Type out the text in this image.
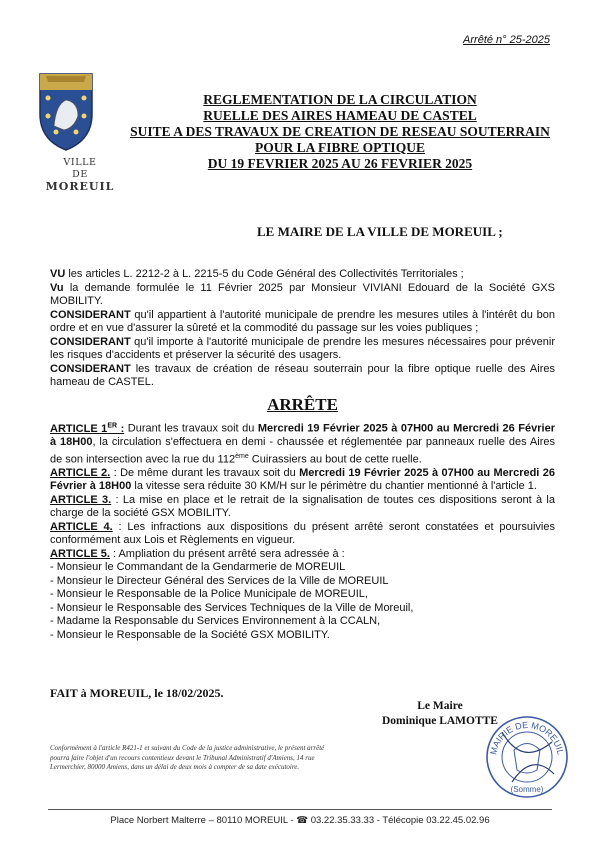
Arrêté n° 25-2025
VILLE
DE
MOREUIL
REGLEMENTATION DE LA CIRCULATION
RUELLE DES AIRES HAMEAU DE CASTEL
SUITE A DES TRAVAUX DE CREATION DE RESEAU SOUTERRAIN
POUR LA FIBRE OPTIQUE
DU 19 FEVRIER 2025 AU 26 FEVRIER 2025
LE MAIRE DE LA VILLE DE MOREUIL ;

VU les articles L. 2212-2 à L. 2215-5 du Code Général des Collectivités Territoriales ;

Vu la demande formulée le 11 Février 2025 par Monsieur VIVIANI Edouard de la Société GXS MOBILITY.

CONSIDERANT qu'il appartient à l'autorité municipale de prendre les mesures utiles à l'intérêt du bon ordre et en vue d'assurer la sûreté et la commodité du passage sur les voies publiques ;

CONSIDERANT qu'il importe à l'autorité municipale de prendre les mesures nécessaires pour prévenir les risques d'accidents et préserver la sécurité des usagers.

CONSIDERANT les travaux de création de réseau souterrain pour la fibre optique ruelle des Aires hameau de CASTEL.

ARRÊTE

ARTICLE 1ER : Durant les travaux soit du Mercredi 19 Février 2025 à 07H00 au Mercredi 26 Février à 18H00, la circulation s'effectuera en demi - chaussée et réglementée par panneaux ruelle des Aires de son intersection avec la rue du 112ème Cuirassiers au bout de cette ruelle.

ARTICLE 2. : De même durant les travaux soit du Mercredi 19 Février 2025 à 07H00 au Mercredi 26 Février à 18H00 la vitesse sera réduite 30 KM/H sur le périmètre du chantier mentionné à l'article 1.

ARTICLE 3. : La mise en place et le retrait de la signalisation de toutes ces dispositions seront à la charge de la société GSX MOBILITY.

ARTICLE 4. : Les infractions aux dispositions du présent arrêté seront constatées et poursuivies conformément aux Lois et Règlements en vigueur.

ARTICLE 5. : Ampliation du présent arrêté sera adressée à :

- Monsieur le Commandant de la Gendarmerie de MOREUIL
- Monsieur le Directeur Général des Services de la Ville de MOREUIL
- Monsieur le Responsable de la Police Municipale de MOREUIL,
- Monsieur le Responsable des Services Techniques de la Ville de Moreuil,
- Madame la Responsable du Services Environnement à la CCALN,
- Monsieur le Responsable de la Société GSX MOBILITY.
FAIT à MOREUIL, le 18/02/2025.
Le Maire
Dominique LAMOTTE
MAIRIE DE MOREUIL
(Somme)
Conformément à l'article R421-1 et suivant du Code de la justice administrative, le présent arrêté pourra faire l'objet d'un recours contentieux devant le Tribunal Administratif d'Amiens, 14 rue Lermerchier, 80000 Amiens, dans un délai de deux mois à compter de sa date exécutoire.
Place Norbert Malterre – 80110 MOREUIL - ☎ 03.22.35.33.33 - Télécopie 03.22.45.02.96
